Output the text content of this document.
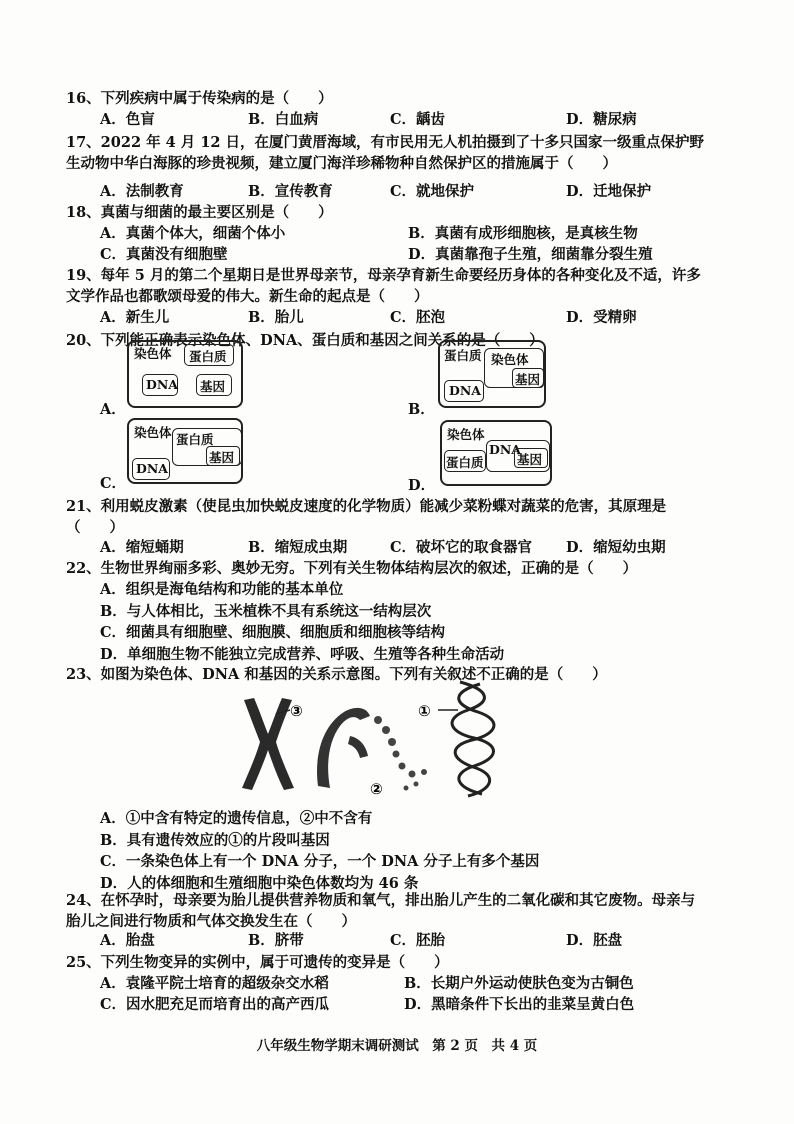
16、下列疾病中属于传染病的是（　　）
A．色盲	B．白血病	C．龋齿	D．糖尿病
17、2022 年 4 月 12 日，在厦门黄厝海域，有市民用无人机拍摄到了十多只国家一级重点保护野生动物中华白海豚的珍贵视频，建立厦门海洋珍稀物种自然保护区的措施属于（　　）
A．法制教育	B．宣传教育	C．就地保护	D．迁地保护
18、真菌与细菌的最主要区别是（　　）
A．真菌个体大，细菌个体小	B．真菌有成形细胞核，是真核生物
C．真菌没有细胞壁	D．真菌靠孢子生殖，细菌靠分裂生殖
19、每年 5 月的第二个星期日是世界母亲节，母亲孕育新生命要经历身体的各种变化及不适，许多文学作品也都歌颂母爱的伟大。新生命的起点是（　　）
A．新生儿	B．胎儿	C．胚泡	D．受精卵
20、下列能正确表示染色体、DNA、蛋白质和基因之间关系的是（　　）
A．
染色体 蛋白质
DNA 基因
B．
蛋白质 染色体
基因
DNA
C．
染色体 蛋白质
基因
DNA
D．
染色体
蛋白质
DNA
基因
21、利用蜕皮激素（使昆虫加快蜕皮速度的化学物质）能减少菜粉蝶对蔬菜的危害，其原理是（　　）
A．缩短蛹期	B．缩短成虫期	C．破坏它的取食器官 D．缩短幼虫期
22、生物世界绚丽多彩、奥妙无穷。下列有关生物体结构层次的叙述，正确的是（　　）
A．组织是海龟结构和功能的基本单位
B．与人体相比，玉米植株不具有系统这一结构层次
C．细菌具有细胞壁、细胞膜、细胞质和细胞核等结构
D．单细胞生物不能独立完成营养、呼吸、生殖等各种生命活动
23、如图为染色体、DNA 和基因的关系示意图。下列有关叙述不正确的是（　　）
③
②
①
A．①中含有特定的遗传信息，②中不含有
B．具有遗传效应的①的片段叫基因
C．一条染色体上有一个 DNA 分子，一个 DNA 分子上有多个基因
D．人的体细胞和生殖细胞中染色体数均为 46 条
24、在怀孕时，母亲要为胎儿提供营养物质和氧气，排出胎儿产生的二氧化碳和其它废物。母亲与胎儿之间进行物质和气体交换发生在（　　）
A．胎盘	B．脐带	C．胚胎	D．胚盘
25、下列生物变异的实例中，属于可遗传的变异是（　　）
A．袁隆平院士培育的超级杂交水稻	B．长期户外运动使肤色变为古铜色
C．因水肥充足而培育出的高产西瓜	D．黑暗条件下长出的韭菜呈黄白色
八年级生物学期末调研测试　第 2 页　共 4 页
